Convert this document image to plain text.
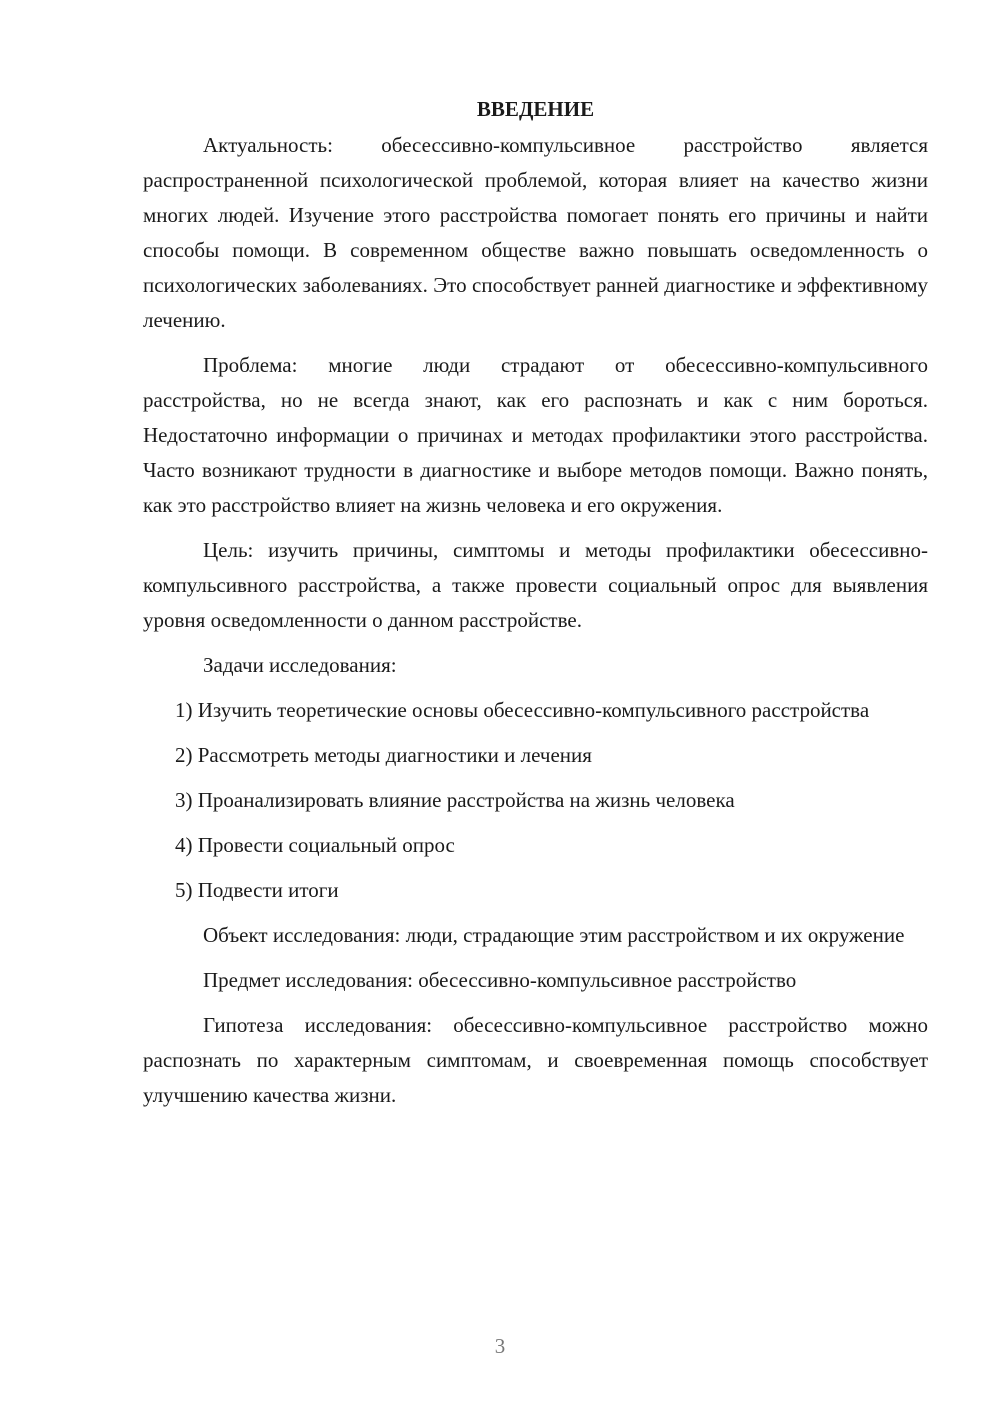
ВВЕДЕНИЕ

Актуальность: обесессивно-компульсивное расстройство является распространенной психологической проблемой, которая влияет на качество жизни многих людей. Изучение этого расстройства помогает понять его причины и найти способы помощи. В современном обществе важно повышать осведомленность о психологических заболеваниях. Это способствует ранней диагностике и эффективному лечению.

Проблема: многие люди страдают от обесессивно-компульсивного расстройства, но не всегда знают, как его распознать и как с ним бороться. Недостаточно информации о причинах и методах профилактики этого расстройства. Часто возникают трудности в диагностике и выборе методов помощи. Важно понять, как это расстройство влияет на жизнь человека и его окружения.

Цель: изучить причины, симптомы и методы профилактики обесессивно-компульсивного расстройства, а также провести социальный опрос для выявления уровня осведомленности о данном расстройстве.

Задачи исследования:

1) Изучить теоретические основы обесессивно-компульсивного расстройства

2) Рассмотреть методы диагностики и лечения

3) Проанализировать влияние расстройства на жизнь человека

4) Провести социальный опрос

5) Подвести итоги

Объект исследования: люди, страдающие этим расстройством и их окружение

Предмет исследования: обесессивно-компульсивное расстройство

Гипотеза исследования: обесессивно-компульсивное расстройство можно распознать по характерным симптомам, и своевременная помощь способствует улучшению качества жизни.

3
